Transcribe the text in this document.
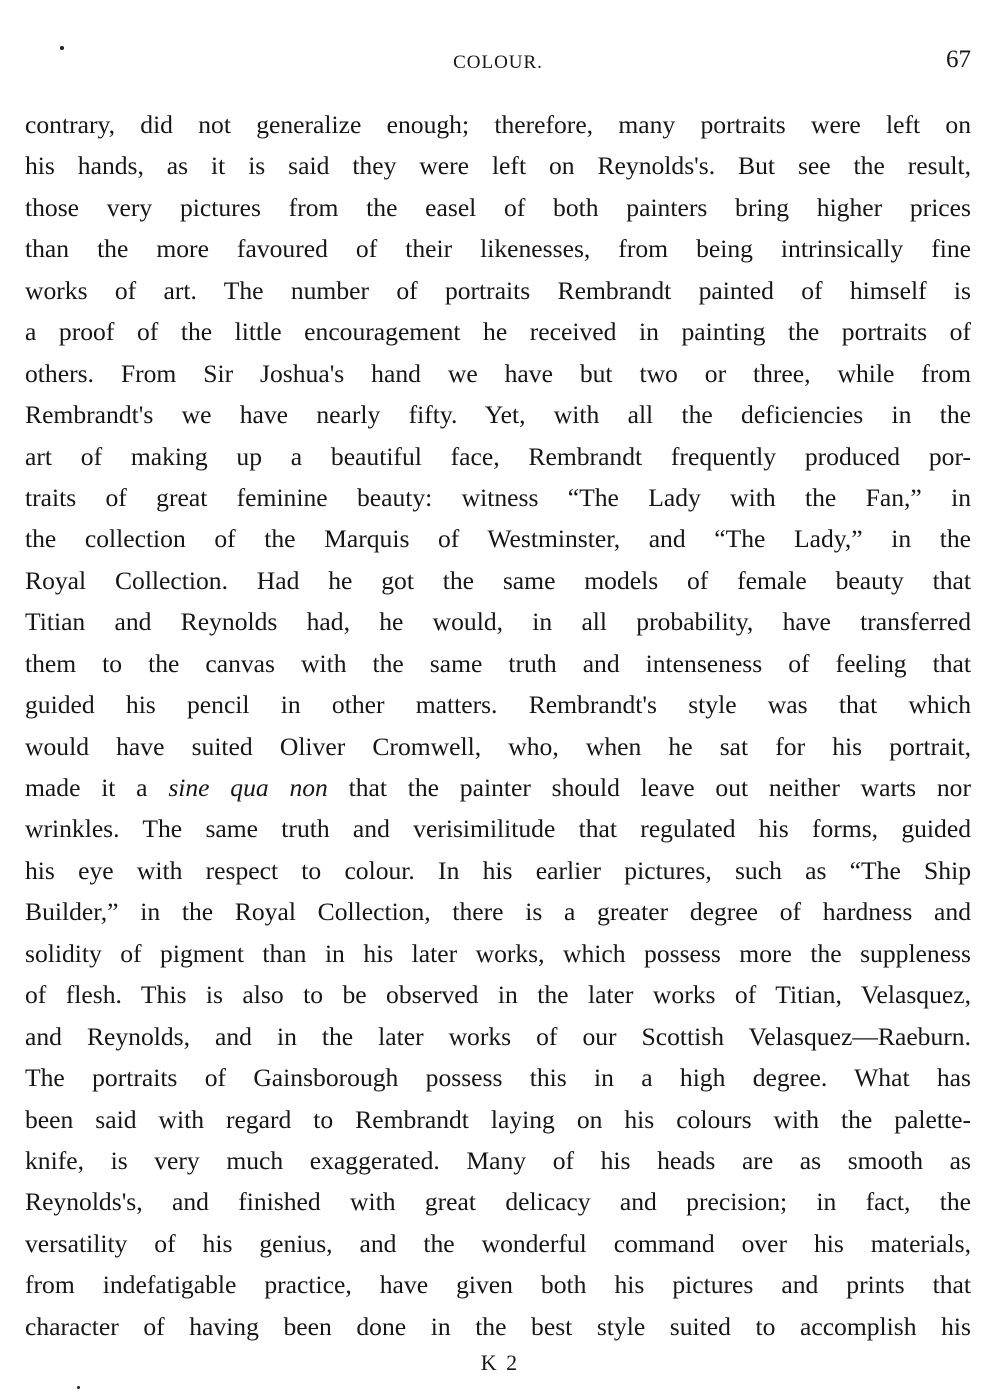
COLOUR.	67
contrary, did not generalize enough; therefore, many portraits were left on
his hands, as it is said they were left on Reynolds's. But see the result,
those very pictures from the easel of both painters bring higher prices
than the more favoured of their likenesses, from being intrinsically fine
works of art. The number of portraits Rembrandt painted of himself is
a proof of the little encouragement he received in painting the portraits of
others. From Sir Joshua's hand we have but two or three, while from
Rembrandt's we have nearly fifty. Yet, with all the deficiencies in the
art of making up a beautiful face, Rembrandt frequently produced por-
traits of great feminine beauty: witness “The Lady with the Fan,” in
the collection of the Marquis of Westminster, and “The Lady,” in the
Royal Collection. Had he got the same models of female beauty that
Titian and Reynolds had, he would, in all probability, have transferred
them to the canvas with the same truth and intenseness of feeling that
guided his pencil in other matters. Rembrandt's style was that which
would have suited Oliver Cromwell, who, when he sat for his portrait,
made it a sine qua non that the painter should leave out neither warts nor
wrinkles. The same truth and verisimilitude that regulated his forms, guided
his eye with respect to colour. In his earlier pictures, such as “The Ship
Builder,” in the Royal Collection, there is a greater degree of hardness and
solidity of pigment than in his later works, which possess more the suppleness
of flesh. This is also to be observed in the later works of Titian, Velasquez,
and Reynolds, and in the later works of our Scottish Velasquez—Raeburn.
The portraits of Gainsborough possess this in a high degree. What has
been said with regard to Rembrandt laying on his colours with the palette-
knife, is very much exaggerated. Many of his heads are as smooth as
Reynolds's, and finished with great delicacy and precision; in fact, the
versatility of his genius, and the wonderful command over his materials,
from indefatigable practice, have given both his pictures and prints that
character of having been done in the best style suited to accomplish his
K 2
